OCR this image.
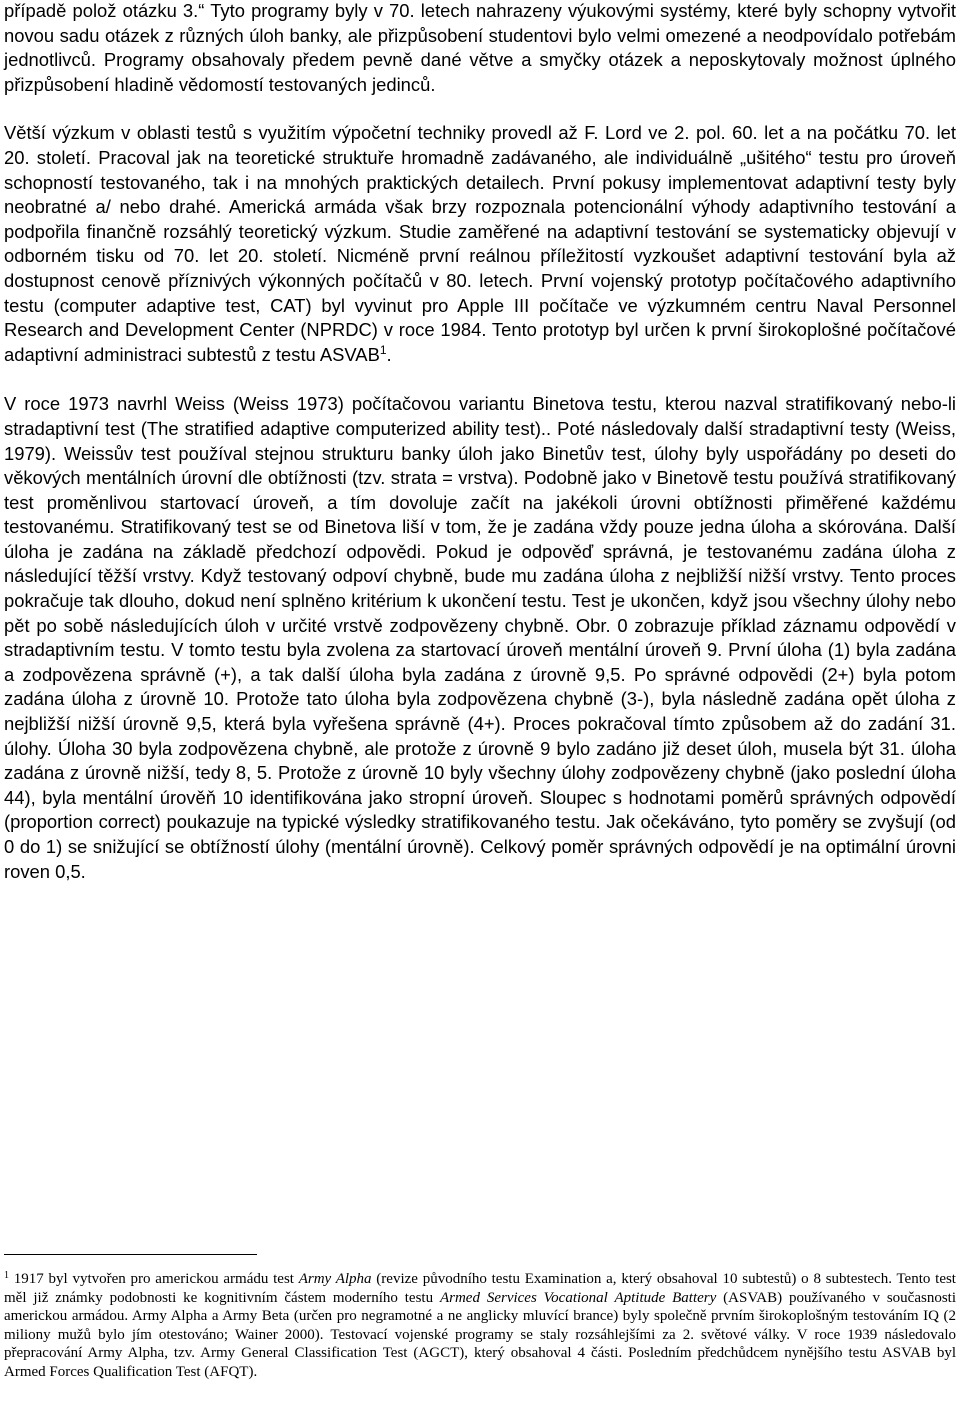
případě polož otázku 3.“ Tyto programy byly v 70. letech nahrazeny výukovými systémy, které byly schopny vytvořit novou sadu otázek z různých úloh banky, ale přizpůsobení studentovi bylo velmi omezené a neodpovídalo potřebám jednotlivců. Programy obsahovaly předem pevně dané větve a smyčky otázek a neposkytovaly možnost úplného přizpůsobení hladině vědomostí testovaných jedinců.

Větší výzkum v oblasti testů s využitím výpočetní techniky provedl až F. Lord ve 2. pol. 60. let a na počátku 70. let 20. století. Pracoval jak na teoretické struktuře hromadně zadávaného, ale individuálně „ušitého“ testu pro úroveň schopností testovaného, tak i na mnohých praktických detailech. První pokusy implementovat adaptivní testy byly neobratné a/ nebo drahé. Americká armáda však brzy rozpoznala potencionální výhody adaptivního testování a podpořila finančně rozsáhlý teoretický výzkum. Studie zaměřené na adaptivní testování se systematicky objevují v odborném tisku od 70. let 20. století. Nicméně první reálnou příležitostí vyzkoušet adaptivní testování byla až dostupnost cenově příznivých výkonných počítačů v 80. letech. První vojenský prototyp počítačového adaptivního testu (computer adaptive test, CAT) byl vyvinut pro Apple III počítače ve výzkumném centru Naval Personnel Research and Development Center (NPRDC) v roce 1984. Tento prototyp byl určen k první širokoplošné počítačové adaptivní administraci subtestů z testu ASVAB$^1$.

V roce 1973 navrhl Weiss (Weiss 1973) počítačovou variantu Binetova testu, kterou nazval stratifikovaný nebo-li stradaptivní test (The stratified adaptive computerized ability test).. Poté následovaly další stradaptivní testy (Weiss, 1979). Weissův test používal stejnou strukturu banky úloh jako Binetův test, úlohy byly uspořádány po deseti do věkových mentálních úrovní dle obtížnosti (tzv. strata = vrstva). Podobně jako v Binetově testu používá stratifikovaný test proměnlivou startovací úroveň, a tím dovoluje začít na jakékoli úrovni obtížnosti přiměřené každému testovanému. Stratifikovaný test se od Binetova liší v tom, že je zadána vždy pouze jedna úloha a skórována. Další úloha je zadána na základě předchozí odpovědi. Pokud je odpověď správná, je testovanému zadána úloha z následující těžší vrstvy. Když testovaný odpoví chybně, bude mu zadána úloha z nejbližší nižší vrstvy. Tento proces pokračuje tak dlouho, dokud není splněno kritérium k ukončení testu. Test je ukončen, když jsou všechny úlohy nebo pět po sobě následujících úloh v určité vrstvě zodpovězeny chybně. Obr. 0 zobrazuje příklad záznamu odpovědí v stradaptivním testu. V tomto testu byla zvolena za startovací úroveň mentální úroveň 9. První úloha (1) byla zadána a zodpovězena správně (+), a tak další úloha byla zadána z úrovně 9,5. Po správné odpovědi (2+) byla potom zadána úloha z úrovně 10. Protože tato úloha byla zodpovězena chybně (3-), byla následně zadána opět úloha z nejbližší nižší úrovně 9,5, která byla vyřešena správně (4+). Proces pokračoval tímto způsobem až do zadání 31. úlohy. Úloha 30 byla zodpovězena chybně, ale protože z úrovně 9 bylo zadáno již deset úloh, musela být 31. úloha zadána z úrovně nižší, tedy 8, 5. Protože z úrovně 10 byly všechny úlohy zodpovězeny chybně (jako poslední úloha 44), byla mentální úrověň 10 identifikována jako stropní úroveň. Sloupec s hodnotami poměrů správných odpovědí (proportion correct) poukazuje na typické výsledky stratifikovaného testu. Jak očekáváno, tyto poměry se zvyšují (od 0 do 1) se snižující se obtížností úlohy (mentální úrovně). Celkový poměr správných odpovědí je na optimální úrovni roven 0,5.

$^1$ 1917 byl vytvořen pro americkou armádu test Army Alpha (revize původního testu Examination a, který obsahoval 10 subtestů) o 8 subtestech. Tento test měl již známky podobnosti ke kognitivním částem moderního testu Armed Services Vocational Aptitude Battery (ASVAB) používaného v současnosti americkou armádou. Army Alpha a Army Beta (určen pro negramotné a ne anglicky mluvící brance) byly společně prvním širokoplošným testováním IQ (2 miliony mužů bylo jím otestováno; Wainer 2000). Testovací vojenské programy se staly rozsáhlejšími za 2. světové války. V roce 1939 následovalo přepracování Army Alpha, tzv. Army General Classification Test (AGCT), který obsahoval 4 části. Posledním předchůdcem nynějšího testu ASVAB byl Armed Forces Qualification Test (AFQT).
